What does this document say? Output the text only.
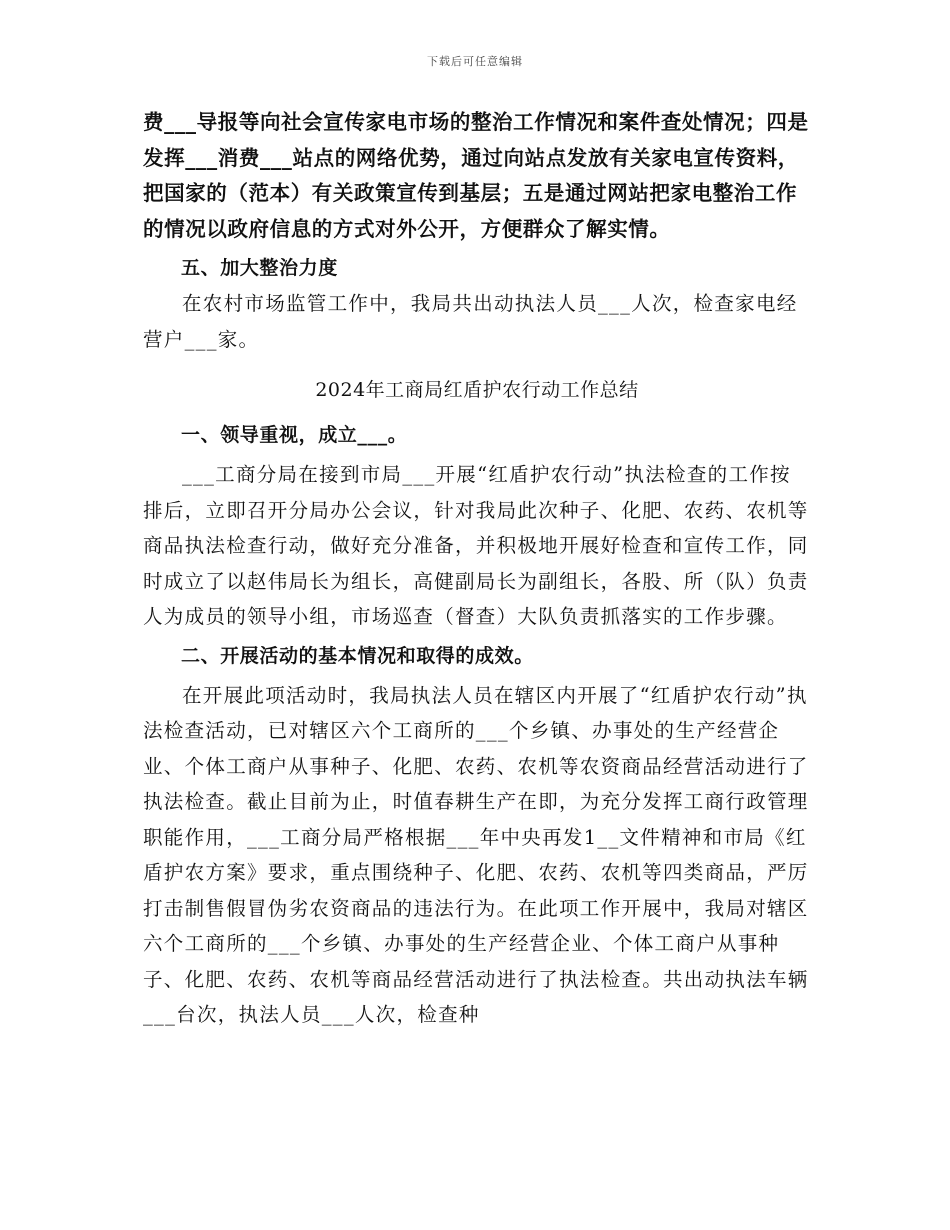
下载后可任意编辑

费___导报等向社会宣传家电市场的整治工作情况和案件查处情况；四是发挥___消费___站点的网络优势，通过向站点发放有关家电宣传资料，把国家的（范本）有关政策宣传到基层；五是通过网站把家电整治工作的情况以政府信息的方式对外公开，方便群众了解实情。

五、加大整治力度

在农村市场监管工作中，我局共出动执法人员___人次，检查家电经营户___家。

2024年工商局红盾护农行动工作总结

一、领导重视，成立___。

___工商分局在接到市局___开展“红盾护农行动”执法检查的工作按排后，立即召开分局办公会议，针对我局此次种子、化肥、农药、农机等商品执法检查行动，做好充分准备，并积极地开展好检查和宣传工作，同时成立了以赵伟局长为组长，高健副局长为副组长，各股、所（队）负责人为成员的领导小组，市场巡查（督查）大队负责抓落实的工作步骤。

二、开展活动的基本情况和取得的成效。

在开展此项活动时，我局执法人员在辖区内开展了“红盾护农行动”执法检查活动，已对辖区六个工商所的___个乡镇、办事处的生产经营企业、个体工商户从事种子、化肥、农药、农机等农资商品经营活动进行了执法检查。截止目前为止，时值春耕生产在即，为充分发挥工商行政管理职能作用，___工商分局严格根据___年中央再发1__文件精神和市局《红盾护农方案》要求，重点围绕种子、化肥、农药、农机等四类商品，严厉打击制售假冒伪劣农资商品的违法行为。在此项工作开展中，我局对辖区六个工商所的___个乡镇、办事处的生产经营企业、个体工商户从事种子、化肥、农药、农机等商品经营活动进行了执法检查。共出动执法车辆___台次，执法人员___人次，检查种
